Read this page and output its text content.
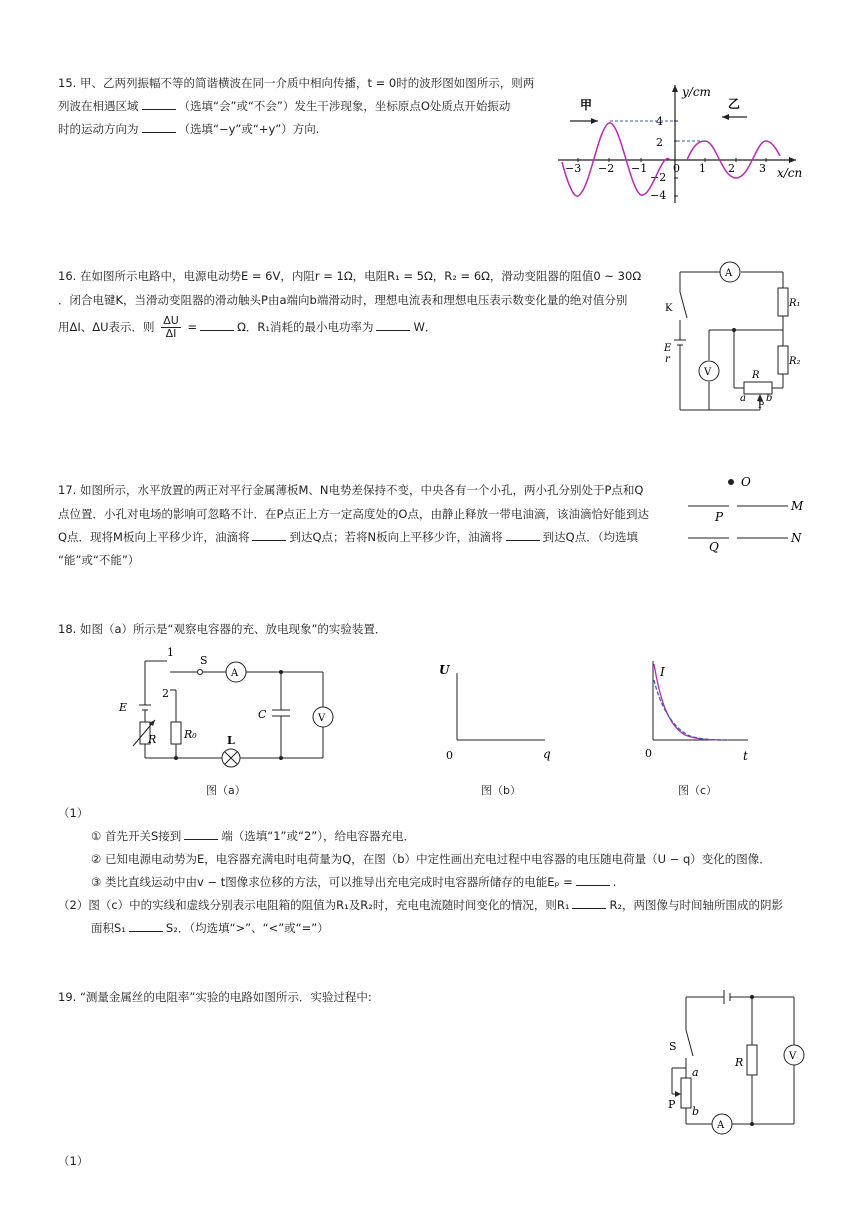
15. 甲、乙两列振幅不等的简谐横波在同一介质中相向传播，t = 0时的波形图如图所示，则两
列波在相遇区域	（选填“会”或“不会”）发生干涉现象，坐标原点O处质点开始振动
时的运动方向为	（选填“−y”或“+y”）方向.
y/cm
x/cn
0
4
2
−2
−4
−3 −2 −1	1 2 3
甲	乙
16. 在如图所示电路中，电源电动势E = 6V，内阻r = 1Ω，电阻R₁ = 5Ω，R₂ = 6Ω，滑动变阻器的阻值0 ~ 30Ω
．闭合电键K，当滑动变阻器的滑动触头P由a端向b端滑动时，理想电流表和理想电压表示数变化量的绝对值分别
用ΔI、ΔU表示．则 $\frac{\Delta U}{\Delta I}$ =	Ω．R₁消耗的最小电功率为	W．
A
V
K
E
r
R₁
R₂
R
a
P
b
17. 如图所示，水平放置的两正对平行金属薄板M、N电势差保持不变，中央各有一个小孔，两小孔分别处于P点和Q
点位置．小孔对电场的影响可忽略不计．在P点正上方一定高度处的O点，由静止释放一带电油滴，该油滴恰好能到达
Q点．现将M板向上平移少许，油滴将	到达Q点；若将N板向上平移少许，油滴将	到达Q点．（均选填
“能”或“不能”）
O
M
N
P
Q
18. 如图（a）所示是“观察电容器的充、放电现象”的实验装置．
A
V
1
2
S
E
R	R₀	L
C
图（a）
U
0	q
图（b）
I
0	t
图（c）
（1）
① 首先开关S接到	端（选填“1”或“2”），给电容器充电．
② 已知电源电动势为E，电容器充满电时电荷量为Q，在图（b）中定性画出充电过程中电容器的电压随电荷量（U − q）变化的图像．
③ 类比直线运动中由v − t图像求位移的方法，可以推导出充电完成时电容器所储存的电能Eₚ =	.
（2）图（c）中的实线和虚线分别表示电阻箱的阻值为R₁及R₂时，充电电流随时间变化的情况，则R₁	R₂，两图像与时间轴所围成的阴影
面积S₁	S₂．（均选填“>”、“<”或“=”）
19. “测量金属丝的电阻率”实验的电路如图所示．实验过程中:
V
A
S
a
P
b
R
（1）
